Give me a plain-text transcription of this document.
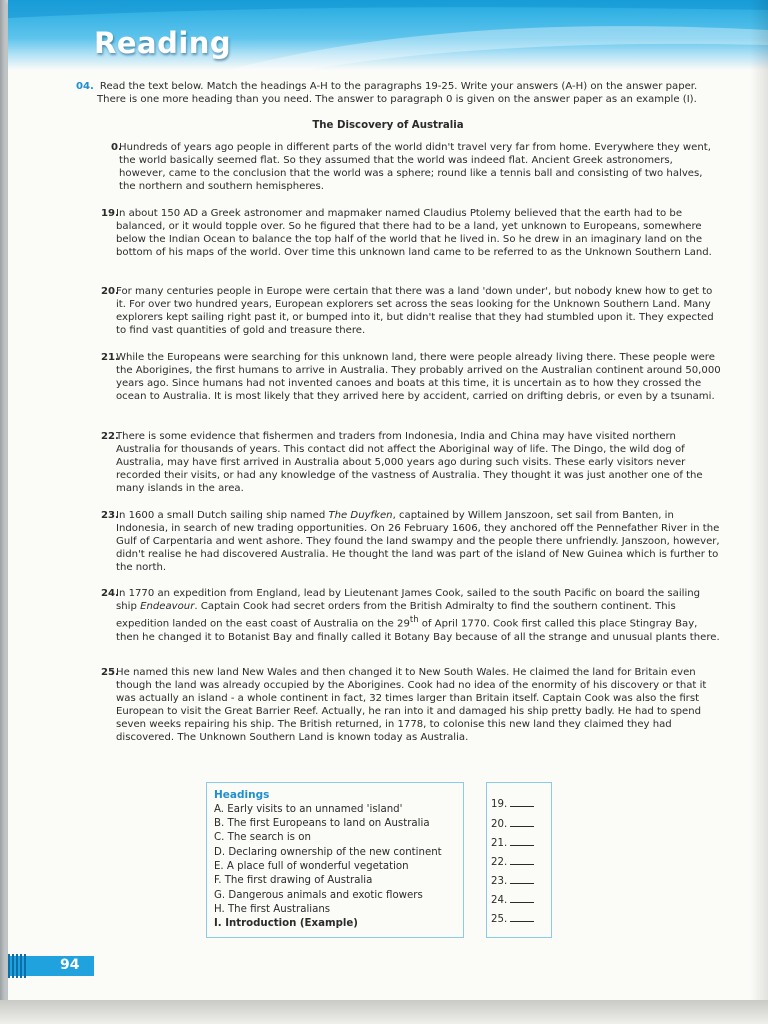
Reading
04. Read the text below. Match the headings A-H to the paragraphs 19-25. Write your answers (A-H) on the answer paper.
There is one more heading than you need. The answer to paragraph 0 is given on the answer paper as an example (I).
The Discovery of Australia
0.
Hundreds of years ago people in different parts of the world didn't travel very far from home. Everywhere they went, the world basically seemed flat. So they assumed that the world was indeed flat. Ancient Greek astronomers, however, came to the conclusion that the world was a sphere; round like a tennis ball and consisting of two halves, the northern and southern hemispheres.
19.
In about 150 AD a Greek astronomer and mapmaker named Claudius Ptolemy believed that the earth had to be balanced, or it would topple over. So he figured that there had to be a land, yet unknown to Europeans, somewhere below the Indian Ocean to balance the top half of the world that he lived in. So he drew in an imaginary land on the bottom of his maps of the world. Over time this unknown land came to be referred to as the Unknown Southern Land.
20.
For many centuries people in Europe were certain that there was a land 'down under', but nobody knew how to get to it. For over two hundred years, European explorers set across the seas looking for the Unknown Southern Land. Many explorers kept sailing right past it, or bumped into it, but didn't realise that they had stumbled upon it. They expected to find vast quantities of gold and treasure there.
21.
While the Europeans were searching for this unknown land, there were people already living there. These people were the Aborigines, the first humans to arrive in Australia. They probably arrived on the Australian continent around 50,000 years ago. Since humans had not invented canoes and boats at this time, it is uncertain as to how they crossed the ocean to Australia. It is most likely that they arrived here by accident, carried on drifting debris, or even by a tsunami.
22.
There is some evidence that fishermen and traders from Indonesia, India and China may have visited northern Australia for thousands of years. This contact did not affect the Aboriginal way of life. The Dingo, the wild dog of Australia, may have first arrived in Australia about 5,000 years ago during such visits. These early visitors never recorded their visits, or had any knowledge of the vastness of Australia. They thought it was just another one of the many islands in the area.
23.
In 1600 a small Dutch sailing ship named The Duyfken, captained by Willem Janszoon, set sail from Banten, in Indonesia, in search of new trading opportunities. On 26 February 1606, they anchored off the Pennefather River in the Gulf of Carpentaria and went ashore. They found the land swampy and the people there unfriendly. Janszoon, however, didn't realise he had discovered Australia. He thought the land was part of the island of New Guinea which is further to the north.
24.
In 1770 an expedition from England, lead by Lieutenant James Cook, sailed to the south Pacific on board the sailing ship Endeavour. Captain Cook had secret orders from the British Admiralty to find the southern continent. This expedition landed on the east coast of Australia on the 29th of April 1770. Cook first called this place Stingray Bay, then he changed it to Botanist Bay and finally called it Botany Bay because of all the strange and unusual plants there.
25.
He named this new land New Wales and then changed it to New South Wales. He claimed the land for Britain even though the land was already occupied by the Aborigines. Cook had no idea of the enormity of his discovery or that it was actually an island - a whole continent in fact, 32 times larger than Britain itself. Captain Cook was also the first European to visit the Great Barrier Reef. Actually, he ran into it and damaged his ship pretty badly. He had to spend seven weeks repairing his ship. The British returned, in 1778, to colonise this new land they claimed they had discovered. The Unknown Southern Land is known today as Australia.
Headings
A. Early visits to an unnamed 'island'
B. The first Europeans to land on Australia
C. The search is on
D. Declaring ownership of the new continent
E. A place full of wonderful vegetation
F. The first drawing of Australia
G. Dangerous animals and exotic flowers
H. The first Australians
I. Introduction (Example)
19.
20.
21.
22.
23.
24.
25.
94
